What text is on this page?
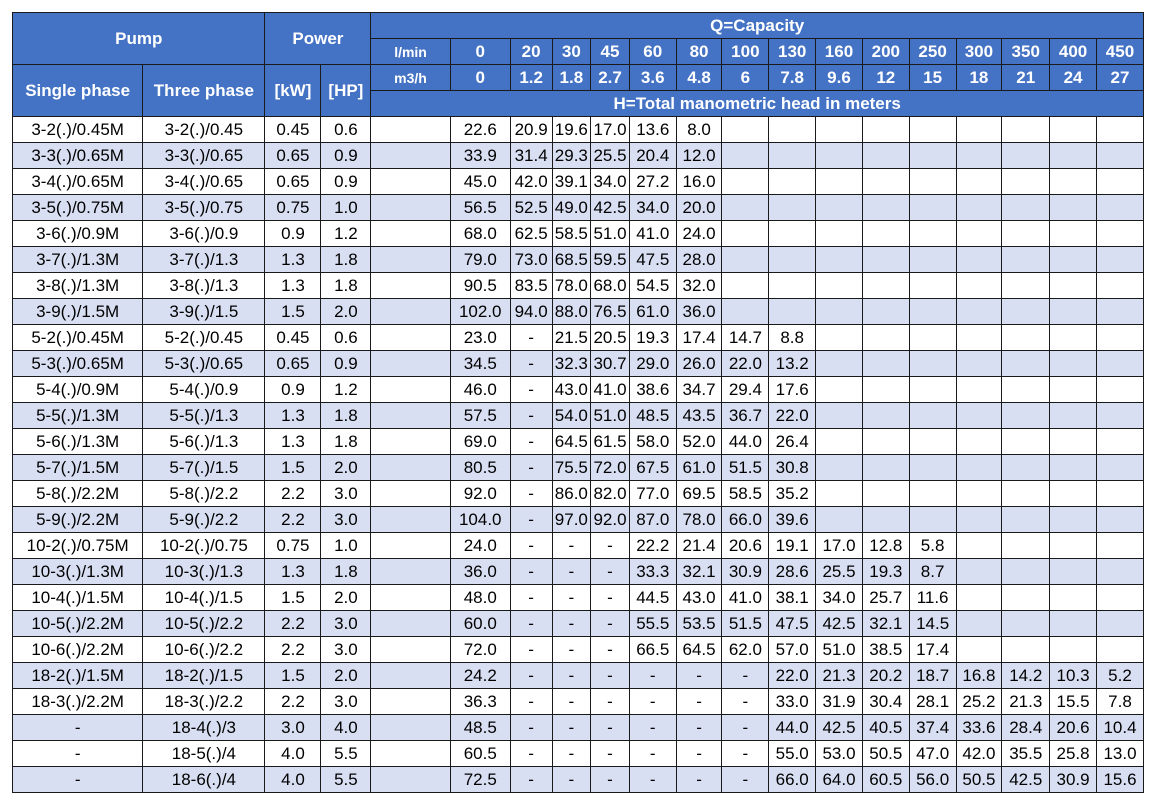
Pump		Power		Q=Capacity															
				l/min	0	20	30	45	60	80	100	130	160	200	250	300	350	400	450
Single phase	Three phase	[kW]	[HP]	m3/h	0	1.2	1.8	2.7	3.6	4.8	6	7.8	9.6	12	15	18	21	24	27
				H=Total manometric head in meters															
3-2(.)/0.45M	3-2(.)/0.45	0.45	0.6		22.6	20.9	19.6	17.0	13.6	8.0									
3-3(.)/0.65M	3-3(.)/0.65	0.65	0.9		33.9	31.4	29.3	25.5	20.4	12.0									
3-4(.)/0.65M	3-4(.)/0.65	0.65	0.9		45.0	42.0	39.1	34.0	27.2	16.0									
3-5(.)/0.75M	3-5(.)/0.75	0.75	1.0		56.5	52.5	49.0	42.5	34.0	20.0									
3-6(.)/0.9M	3-6(.)/0.9	0.9	1.2		68.0	62.5	58.5	51.0	41.0	24.0									
3-7(.)/1.3M	3-7(.)/1.3	1.3	1.8		79.0	73.0	68.5	59.5	47.5	28.0									
3-8(.)/1.3M	3-8(.)/1.3	1.3	1.8		90.5	83.5	78.0	68.0	54.5	32.0									
3-9(.)/1.5M	3-9(.)/1.5	1.5	2.0		102.0	94.0	88.0	76.5	61.0	36.0									
5-2(.)/0.45M	5-2(.)/0.45	0.45	0.6		23.0	-	21.5	20.5	19.3	17.4	14.7	8.8							
5-3(.)/0.65M	5-3(.)/0.65	0.65	0.9		34.5	-	32.3	30.7	29.0	26.0	22.0	13.2							
5-4(.)/0.9M	5-4(.)/0.9	0.9	1.2		46.0	-	43.0	41.0	38.6	34.7	29.4	17.6							
5-5(.)/1.3M	5-5(.)/1.3	1.3	1.8		57.5	-	54.0	51.0	48.5	43.5	36.7	22.0							
5-6(.)/1.3M	5-6(.)/1.3	1.3	1.8		69.0	-	64.5	61.5	58.0	52.0	44.0	26.4							
5-7(.)/1.5M	5-7(.)/1.5	1.5	2.0		80.5	-	75.5	72.0	67.5	61.0	51.5	30.8							
5-8(.)/2.2M	5-8(.)/2.2	2.2	3.0		92.0	-	86.0	82.0	77.0	69.5	58.5	35.2							
5-9(.)/2.2M	5-9(.)/2.2	2.2	3.0		104.0	-	97.0	92.0	87.0	78.0	66.0	39.6							
10-2(.)/0.75M	10-2(.)/0.75	0.75	1.0		24.0	-	-	-	22.2	21.4	20.6	19.1	17.0	12.8	5.8				
10-3(.)/1.3M	10-3(.)/1.3	1.3	1.8		36.0	-	-	-	33.3	32.1	30.9	28.6	25.5	19.3	8.7				
10-4(.)/1.5M	10-4(.)/1.5	1.5	2.0		48.0	-	-	-	44.5	43.0	41.0	38.1	34.0	25.7	11.6				
10-5(.)/2.2M	10-5(.)/2.2	2.2	3.0		60.0	-	-	-	55.5	53.5	51.5	47.5	42.5	32.1	14.5				
10-6(.)/2.2M	10-6(.)/2.2	2.2	3.0		72.0	-	-	-	66.5	64.5	62.0	57.0	51.0	38.5	17.4				
18-2(.)/1.5M	18-2(.)/1.5	1.5	2.0		24.2	-	-	-	-	-	-	22.0	21.3	20.2	18.7	16.8	14.2	10.3	5.2
18-3(.)/2.2M	18-3(.)/2.2	2.2	3.0		36.3	-	-	-	-	-	-	33.0	31.9	30.4	28.1	25.2	21.3	15.5	7.8
-	18-4(.)/3	3.0	4.0		48.5	-	-	-	-	-	-	44.0	42.5	40.5	37.4	33.6	28.4	20.6	10.4
-	18-5(.)/4	4.0	5.5		60.5	-	-	-	-	-	-	55.0	53.0	50.5	47.0	42.0	35.5	25.8	13.0
-	18-6(.)/4	4.0	5.5		72.5	-	-	-	-	-	-	66.0	64.0	60.5	56.0	50.5	42.5	30.9	15.6
